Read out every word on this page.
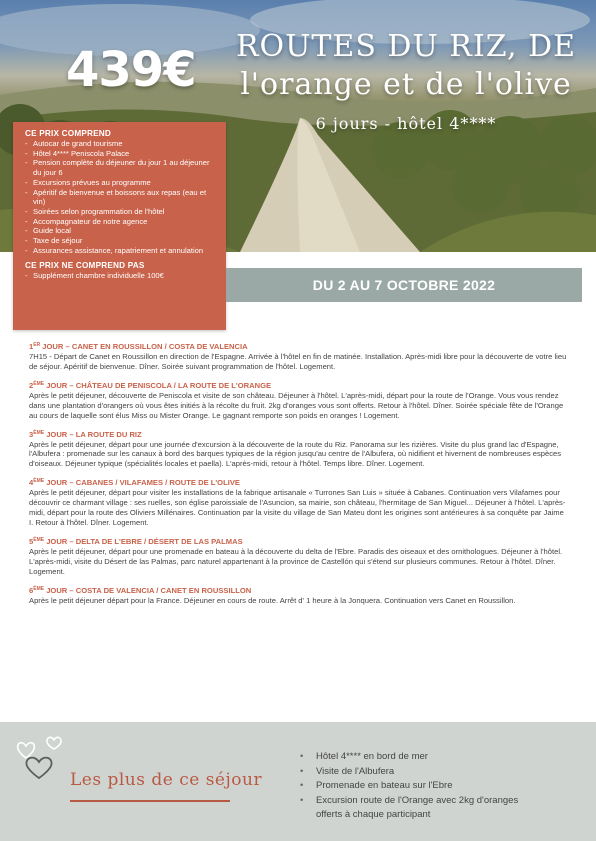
439€	ROUTES DU RIZ, DE
l'orange et de l'olive
6 jours - hôtel 4****
CE PRIX COMPREND
- Autocar de grand tourisme
- Hôtel 4**** Peniscola Palace
- Pension complète du déjeuner du jour 1 au déjeuner du jour 6
- Excursions prévues au programme
- Apéritif de bienvenue et boissons aux repas (eau et vin)
- Soirées selon programmation de l'hôtel
- Accompagnateur de notre agence
- Guide local
- Taxe de séjour
- Assurances assistance, rapatriement et annulation
CE PRIX NE COMPREND PAS
- Supplément chambre individuelle 100€
DU 2 AU 7 OCTOBRE 2022
1ER JOUR – CANET EN ROUSSILLON / COSTA DE VALENCIA

7H15 - Départ de Canet en Roussillon en direction de l'Espagne. Arrivée à l'hôtel en fin de matinée. Installation. Après-midi libre pour la découverte de votre lieu de séjour. Apéritif de bienvenue. Dîner. Soirée suivant programmation de l'hôtel. Logement.

2ÈME JOUR – CHÂTEAU DE PENISCOLA / LA ROUTE DE L'ORANGE

Après le petit déjeuner, découverte de Peniscola et visite de son château. Déjeuner à l'hôtel. L'après-midi, départ pour la route de l'Orange. Vous vous rendez dans une plantation d'orangers où vous êtes initiés à la récolte du fruit. 2kg d'oranges vous sont offerts. Retour à l'hôtel. Dîner. Soirée spéciale fête de l'Orange au cours de laquelle sont élus Miss ou Mister Orange. Le gagnant remporte son poids en oranges ! Logement.

3ÈME JOUR – LA ROUTE DU RIZ

Après le petit déjeuner, départ pour une journée d'excursion à la découverte de la route du Riz. Panorama sur les rizières. Visite du plus grand lac d'Espagne, l'Albufera : promenade sur les canaux à bord des barques typiques de la région jusqu'au centre de l'Albufera, où nidifient et hivernent de nombreuses espèces d'oiseaux. Déjeuner typique (spécialités locales et paella). L'après-midi, retour à l'hôtel. Temps libre. Dîner. Logement.

4ÈME JOUR – CABANES / VILAFAMES / ROUTE DE L'OLIVE

Après le petit déjeuner, départ pour visiter les installations de la fabrique artisanale « Turrones San Luis » située à Cabanes. Continuation vers Vilafames pour découvrir ce charmant village : ses ruelles, son église paroissiale de l'Asuncion, sa mairie, son château, l'hermitage de San Miguel... Déjeuner à l'hôtel. L'après-midi, départ pour la route des Oliviers Millénaires. Continuation par la visite du village de San Mateu dont les origines sont antérieures à sa conquête par Jaime I. Retour à l'hôtel. Dîner. Logement.

5ÈME JOUR – DELTA DE L'EBRE / DÉSERT DE LAS PALMAS

Après le petit déjeuner, départ pour une promenade en bateau à la découverte du delta de l'Ebre. Paradis des oiseaux et des ornithologues. Déjeuner à l'hôtel. L'après-midi, visite du Désert de las Palmas, parc naturel appartenant à la province de Castellón qui s'étend sur plusieurs communes. Retour à l'hôtel. Dîner. Logement.

6ÈME JOUR – COSTA DE VALENCIA / CANET EN ROUSSILLON

Après le petit déjeuner départ pour la France. Déjeuner en cours de route. Arrêt d' 1 heure à la Jonquera. Continuation vers Canet en Roussillon.

Les plus de ce séjour
• Hôtel 4**** en bord de mer
• Visite de l'Albufera
• Promenade en bateau sur l'Ebre
• Excursion route de l'Orange avec 2kg d'oranges offerts à chaque participant
